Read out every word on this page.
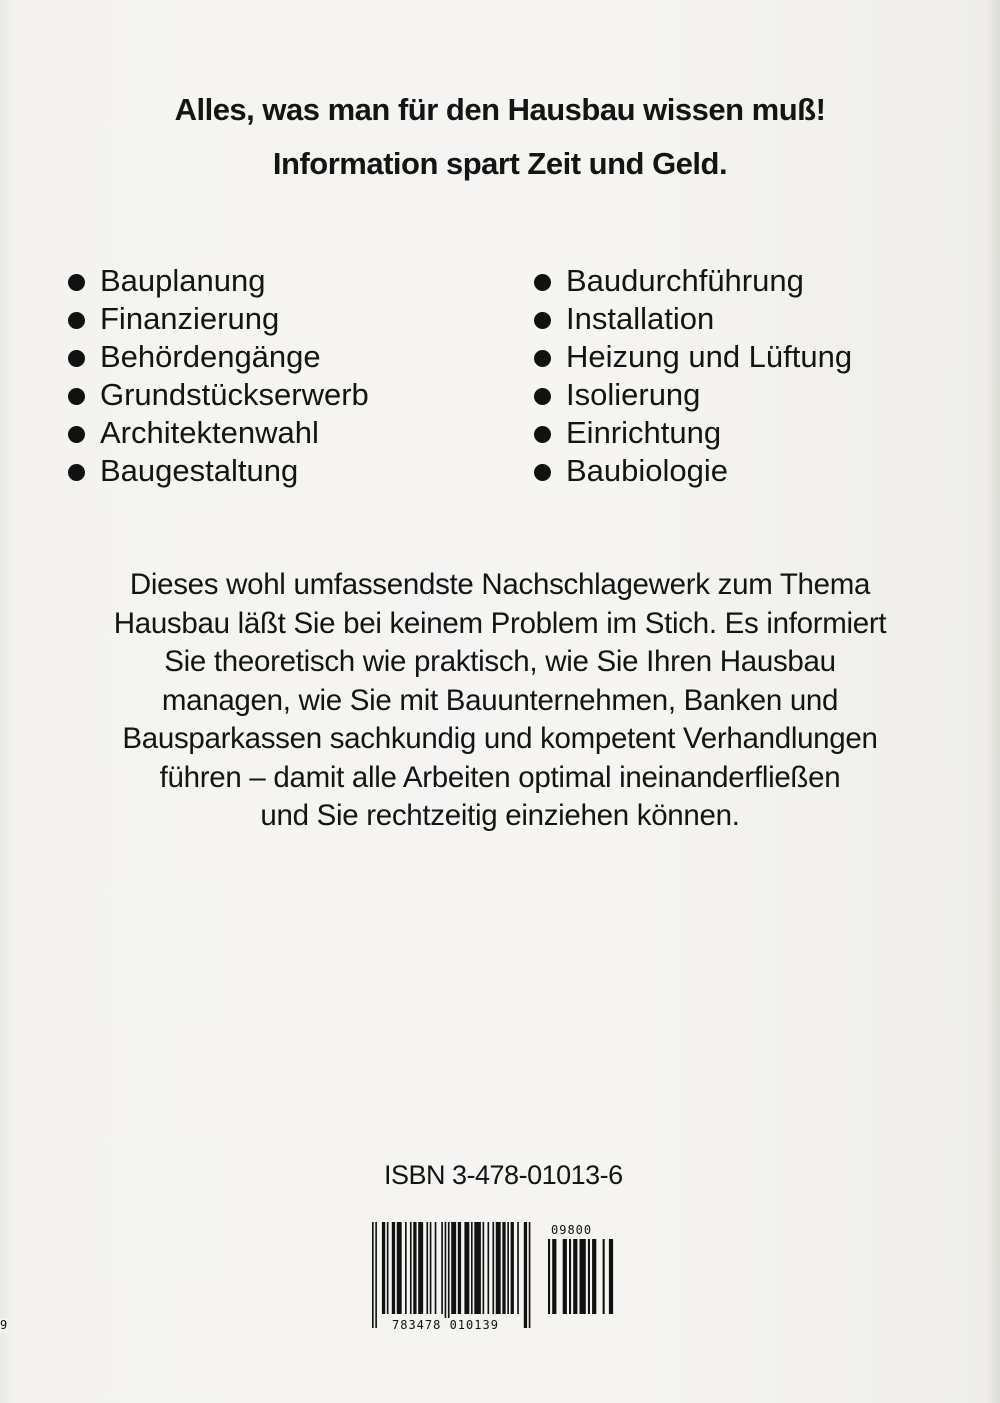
Alles, was man für den Hausbau wissen muß!
Information spart Zeit und Geld.
Bauplanung
Finanzierung
Behördengänge
Grundstückserwerb
Architektenwahl
Baugestaltung
Baudurchführung
Installation
Heizung und Lüftung
Isolierung
Einrichtung
Baubiologie

Dieses wohl umfassendste Nachschlagewerk zum Thema
Hausbau läßt Sie bei keinem Problem im Stich. Es informiert
Sie theoretisch wie praktisch, wie Sie Ihren Hausbau
managen, wie Sie mit Bauunternehmen, Banken und
Bausparkassen sachkundig und kompetent Verhandlungen
führen – damit alle Arbeiten optimal ineinanderfließen
und Sie rechtzeitig einziehen können.

ISBN 3-478-01013-6
9	783478 010139
09800
